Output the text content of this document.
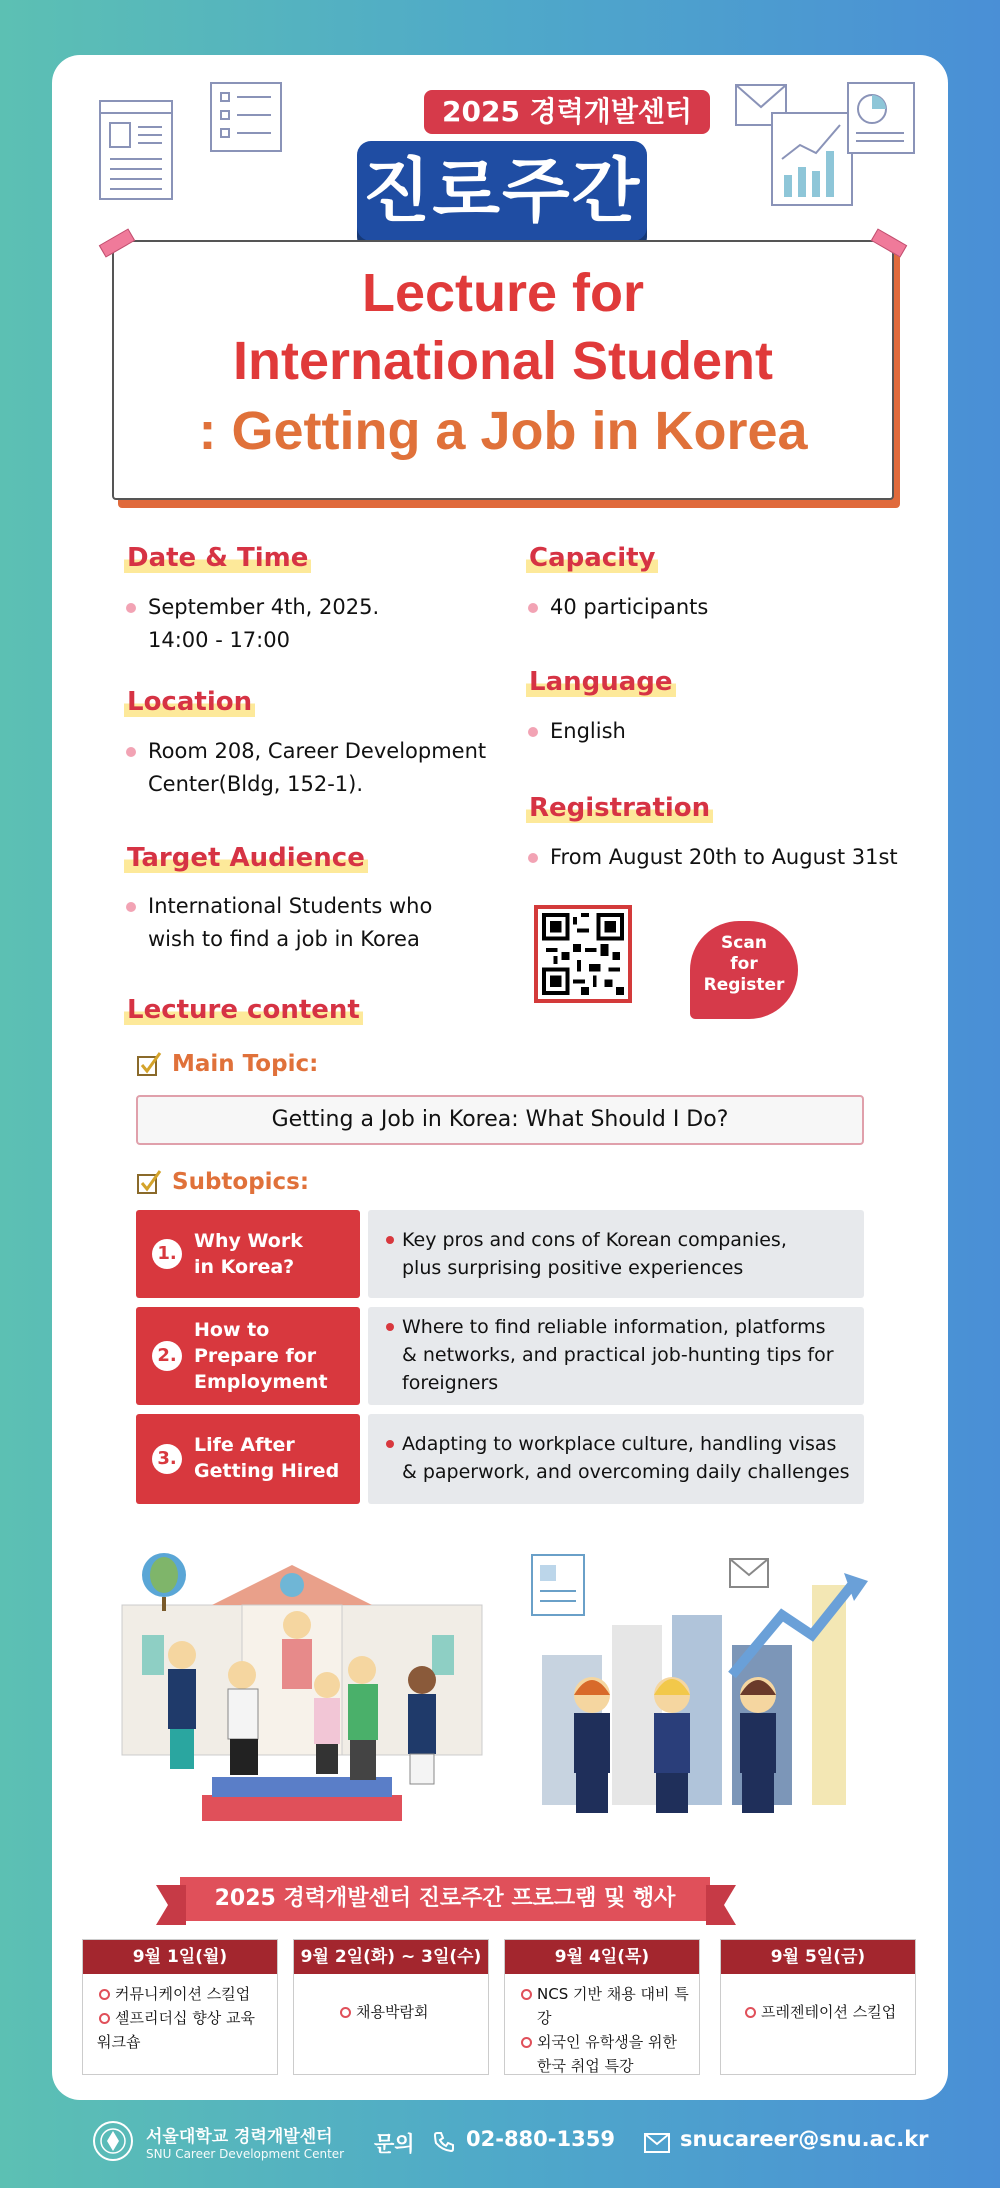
2025 경력개발센터
진로주간
Lecture for
International Student
: Getting a Job in Korea
Date & Time
September 4th, 2025.
14:00 - 17:00
Location
Room 208, Career Development
Center(Bldg, 152-1).
Target Audience
International Students who
wish to find a job in Korea
Capacity
40 participants
Language
English
Registration
From August 20th to August 31st
Scan
for
Register
Lecture content
Main Topic:
Getting a Job in Korea: What Should I Do?
Subtopics:
1.
Why Work
in Korea?
Key pros and cons of Korean companies,
plus surprising positive experiences
2.
How to
Prepare for
Employment
Where to find reliable information, platforms
& networks, and practical job-hunting tips for
foreigners
3.
Life After
Getting Hired
Adapting to workplace culture, handling visas
& paperwork, and overcoming daily challenges
2025 경력개발센터 진로주간 프로그램 및 행사
9월 1일(월)
커뮤니케이션 스킬업
셀프리더십 향상 교육
워크숍
9월 2일(화) ~ 3일(수)
채용박람회
9월 4일(목)
NCS 기반 채용 대비 특강
외국인 유학생을 위한
한국 취업 특강
9월 5일(금)
프레젠테이션 스킬업
서울대학교 경력개발센터
SNU Career Development Center 문의 02-880-1359	snucareer@snu.ac.kr
